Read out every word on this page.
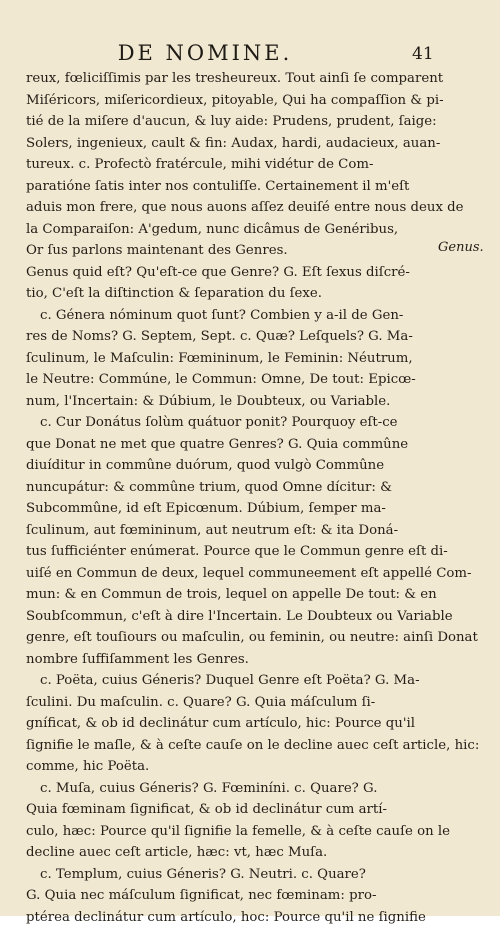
DE NOMINE.	41
reux, fœliciſſimis par les tresheureux. Tout ainſi ſe comparent
Miſéricors, miſericordieux, pitoyable, Qui ha compaſſion & pi-
tié de la miſere d'aucun, & luy aide: Prudens, prudent, ſaige:
Solers, ingenieux, cault & fin: Audax, hardi, audacieux, auan-
tureux. c. Profectò fratércule, mihi vidétur de Com-
paratióne ſatis inter nos contuliſſe. Certainement il m'eſt
aduis mon frere, que nous auons aſſez deuiſé entre nous deux de
la Comparaiſon: A'gedum, nunc dicâmus de Genéribus,
Or ſus parlons maintenant des Genres.
Genus quid eſt? Qu'eſt-ce que Genre? G. Eſt ſexus diſcré-
tio, C'eſt la diſtinction & ſeparation du ſexe.
c. Génera nóminum quot ſunt? Combien y a-il de Gen-
res de Noms? G. Septem, Sept. c. Quæ? Leſquels? G. Ma-
ſculinum, le Maſculin: Fœmininum, le Feminin: Néutrum,
le Neutre: Commúne, le Commun: Omne, De tout: Epicœ-
num, l'Incertain: & Dúbium, le Doubteux, ou Variable.
c. Cur Donátus ſolùm quátuor ponit? Pourquoy eſt-ce
que Donat ne met que quatre Genres? G. Quia commûne
diuíditur in commûne duórum, quod vulgò Commûne
nuncupátur: & commûne trium, quod Omne dícitur: &
Subcommûne, id eſt Epicœnum. Dúbium, ſemper ma-
ſculinum, aut fœmininum, aut neutrum eſt: & ita Doná-
tus ſufficiénter enúmerat. Pource que le Commun genre eſt di-
uiſé en Commun de deux, lequel communeement eſt appellé Com-
mun: & en Commun de trois, lequel on appelle De tout: & en
Soubſcommun, c'eſt à dire l'Incertain. Le Doubteux ou Variable
genre, eſt touſiours ou maſculin, ou feminin, ou neutre: ainſi Donat
nombre ſuffiſamment les Genres.
c. Poëta, cuius Géneris? Duquel Genre eſt Poëta? G. Ma-
ſculini. Du maſculin. c. Quare? G. Quia máſculum ſi-
gníficat, & ob id declinátur cum artículo, hic: Pource qu'il
ſignifie le maſle, & à ceſte cauſe on le decline auec ceſt article, hic:
comme, hic Poëta.
c. Muſa, cuius Géneris? G. Fœminíni. c. Quare? G.
Quia fœminam ſignificat, & ob id declinátur cum artí-
culo, hæc: Pource qu'il ſignifie la femelle, & à ceſte cauſe on le
decline auec ceſt article, hæc: vt, hæc Muſa.
c. Templum, cuius Géneris? G. Neutri. c. Quare?
G. Quia nec máſculum ſignificat, nec fœminam: pro-
ptérea declinátur cum artículo, hoc: Pource qu'il ne ſignifie
Genus.
